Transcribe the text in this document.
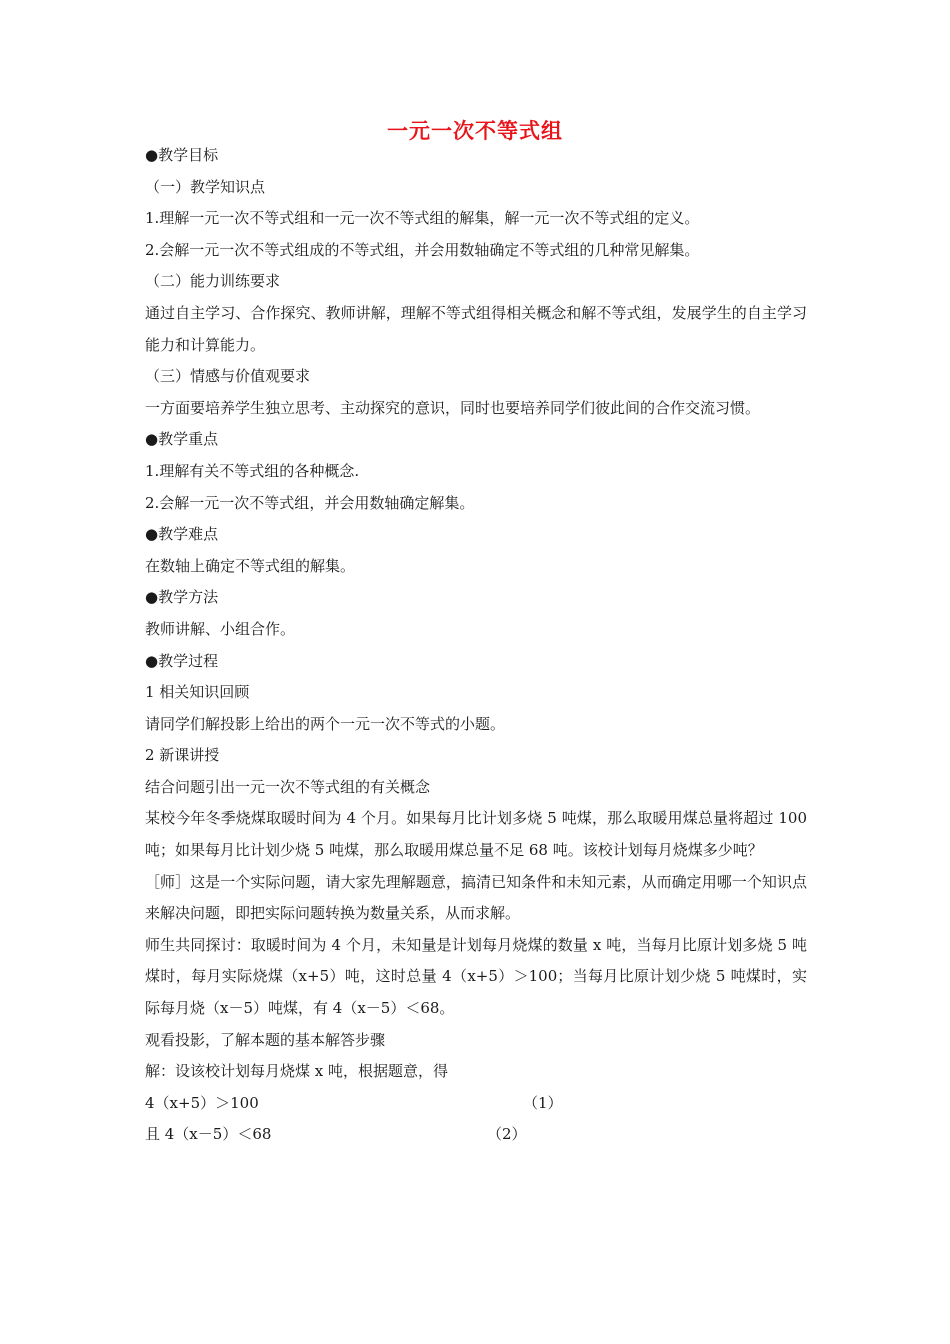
一元一次不等式组
●教学目标
（一）教学知识点
1.理解一元一次不等式组和一元一次不等式组的解集，解一元一次不等式组的定义。
2.会解一元一次不等式组成的不等式组，并会用数轴确定不等式组的几种常见解集。
（二）能力训练要求
通过自主学习、合作探究、教师讲解，理解不等式组得相关概念和解不等式组，发展学生的自主学习能力和计算能力。
（三）情感与价值观要求
一方面要培养学生独立思考、主动探究的意识，同时也要培养同学们彼此间的合作交流习惯。
●教学重点
1.理解有关不等式组的各种概念.
2.会解一元一次不等式组，并会用数轴确定解集。
●教学难点
在数轴上确定不等式组的解集。
●教学方法
教师讲解、小组合作。
●教学过程
1 相关知识回顾
请同学们解投影上给出的两个一元一次不等式的小题。
2 新课讲授
结合问题引出一元一次不等式组的有关概念
某校今年冬季烧煤取暖时间为 4 个月。如果每月比计划多烧 5 吨煤，那么取暖用煤总量将超过 100 吨；如果每月比计划少烧 5 吨煤，那么取暖用煤总量不足 68 吨。该校计划每月烧煤多少吨？
［师］这是一个实际问题，请大家先理解题意，搞清已知条件和未知元素，从而确定用哪一个知识点来解决问题，即把实际问题转换为数量关系，从而求解。
师生共同探讨：取暖时间为 4 个月，未知量是计划每月烧煤的数量 x 吨，当每月比原计划多烧 5 吨煤时，每月实际烧煤（x+5）吨，这时总量 4（x+5）＞100；当每月比原计划少烧 5 吨煤时，实际每月烧（x－5）吨煤，有 4（x－5）＜68。
观看投影，了解本题的基本解答步骤
解：设该校计划每月烧煤 x 吨，根据题意，得
4（x+5）＞100	（1）
且 4（x－5）＜68	（2）
